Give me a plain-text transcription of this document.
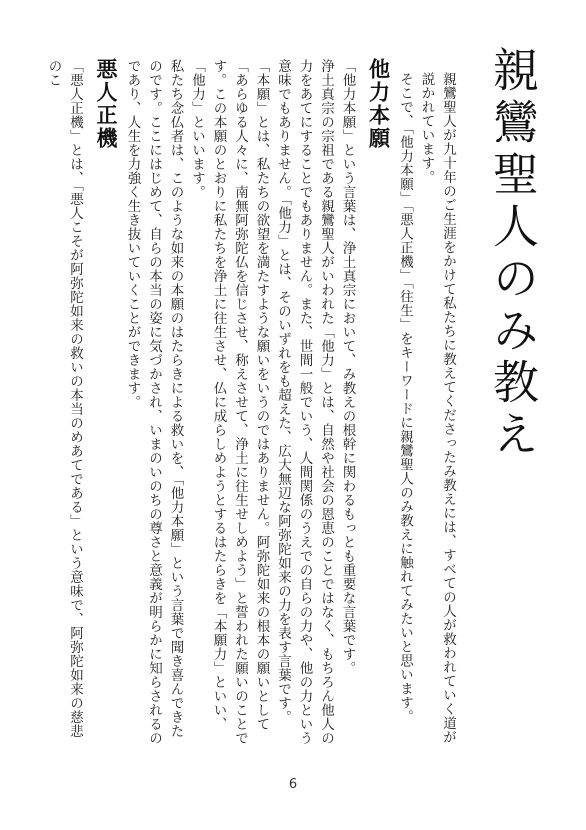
親鸞聖人のみ教え

親鸞聖人が九十年のご生涯をかけて私たちに教えてくださったみ教えには、すべての人が救われていく道が説かれています。

そこで、「他力本願」「悪人正機」「往生」をキーワードに親鸞聖人のみ教えに触れてみたいと思います。

他力本願

「他力本願」という言葉は、浄土真宗において、み教えの根幹に関わるもっとも重要な言葉です。

浄土真宗の宗祖である親鸞聖人がいわれた「他力」とは、自然や社会の恩恵のことではなく、もちろん他人の力をあてにすることでもありません。また、世間一般でいう、人間関係のうえでの自らの力や、他の力という意味でもありません。「他力」とは、そのいずれをも超えた、広大無辺な阿弥陀如来の力を表す言葉です。

「本願」とは、私たちの欲望を満たすような願いをいうのではありません。阿弥陀如来の根本の願いとして「あらゆる人々に、南無阿弥陀仏を信じさせ、称えさせて、浄土に往生せしめよう」と誓われた願いのことです。この本願のとおりに私たちを浄土に往生させ、仏に成らしめようとするはたらきを「本願力」といい、「他力」といいます。

私たち念仏者は、このような如来の本願のはたらきによる救いを、「他力本願」という言葉で聞き喜んできたのです。ここにはじめて、自らの本当の姿に気づかされ、いまのいのちの尊さと意義が明らかに知らされるのであり、人生を力強く生き抜いていくことができます。

悪人正機

「悪人正機」とは、「悪人こそが阿弥陀如来の救いの本当のめあてである」という意味で、阿弥陀如来の慈悲のこ

6
